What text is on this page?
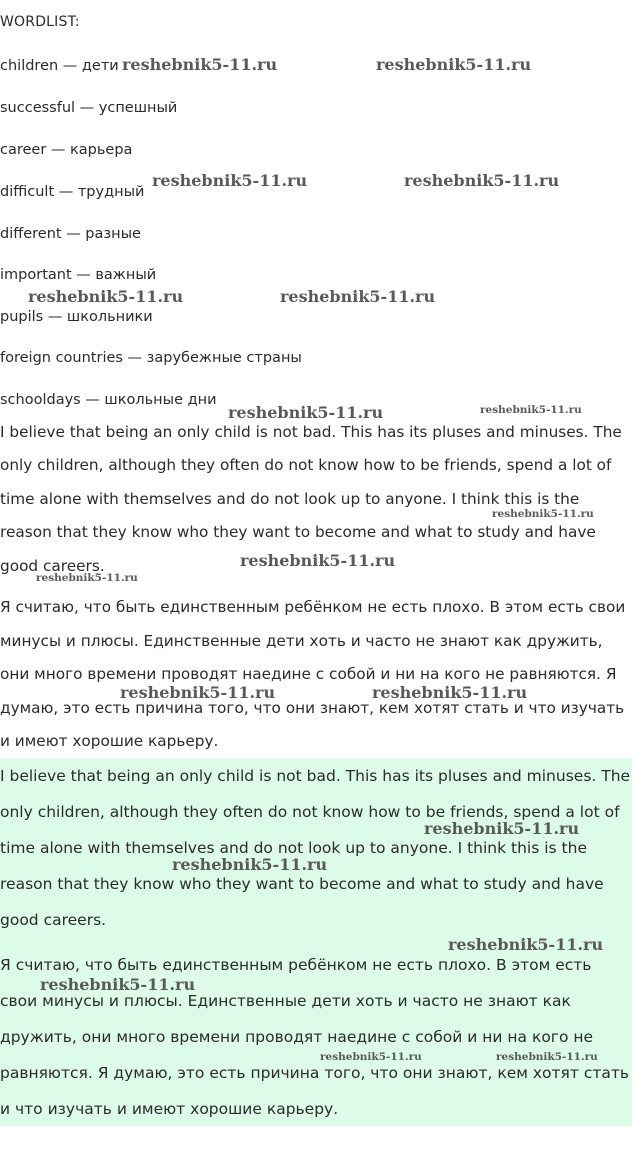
WORDLIST:
children — дети
successful — успешный
career — карьера
difficult — трудный
different — разные
important — важный
pupils — школьники
foreign countries — зарубежные страны
schooldays — школьные дни

I believe that being an only child is not bad. This has its pluses and minuses. The only children, although they often do not know how to be friends, spend a lot of time alone with themselves and do not look up to anyone. I think this is the reason that they know who they want to become and what to study and have good careers.

Я считаю, что быть единственным ребёнком не есть плохо. В этом есть свои минусы и плюсы. Единственные дети хоть и часто не знают как дружить, они много времени проводят наедине с собой и ни на кого не равняются. Я думаю, это есть причина того, что они знают, кем хотят стать и что изучать и имеют хорошие карьеру.

I believe that being an only child is not bad. This has its pluses and minuses. The only children, although they often do not know how to be friends, spend a lot of time alone with themselves and do not look up to anyone. I think this is the reason that they know who they want to become and what to study and have good careers.

Я считаю, что быть единственным ребёнком не есть плохо. В этом есть свои минусы и плюсы. Единственные дети хоть и часто не знают как дружить, они много времени проводят наедине с собой и ни на кого не равняются. Я думаю, это есть причина того, что они знают, кем хотят стать и что изучать и имеют хорошие карьеру.

reshebnik5-11.ru	reshebnik5-11.ru
reshebnik5-11.ru	reshebnik5-11.ru
reshebnik5-11.ru	reshebnik5-11.ru
reshebnik5-11.ru	reshebnik5-11.ru
reshebnik5-11.ru
reshebnik5-11.ru
reshebnik5-11.ru
reshebnik5-11.ru	reshebnik5-11.ru
reshebnik5-11.ru
reshebnik5-11.ru
reshebnik5-11.ru
reshebnik5-11.ru
reshebnik5-11.ru	reshebnik5-11.ru
